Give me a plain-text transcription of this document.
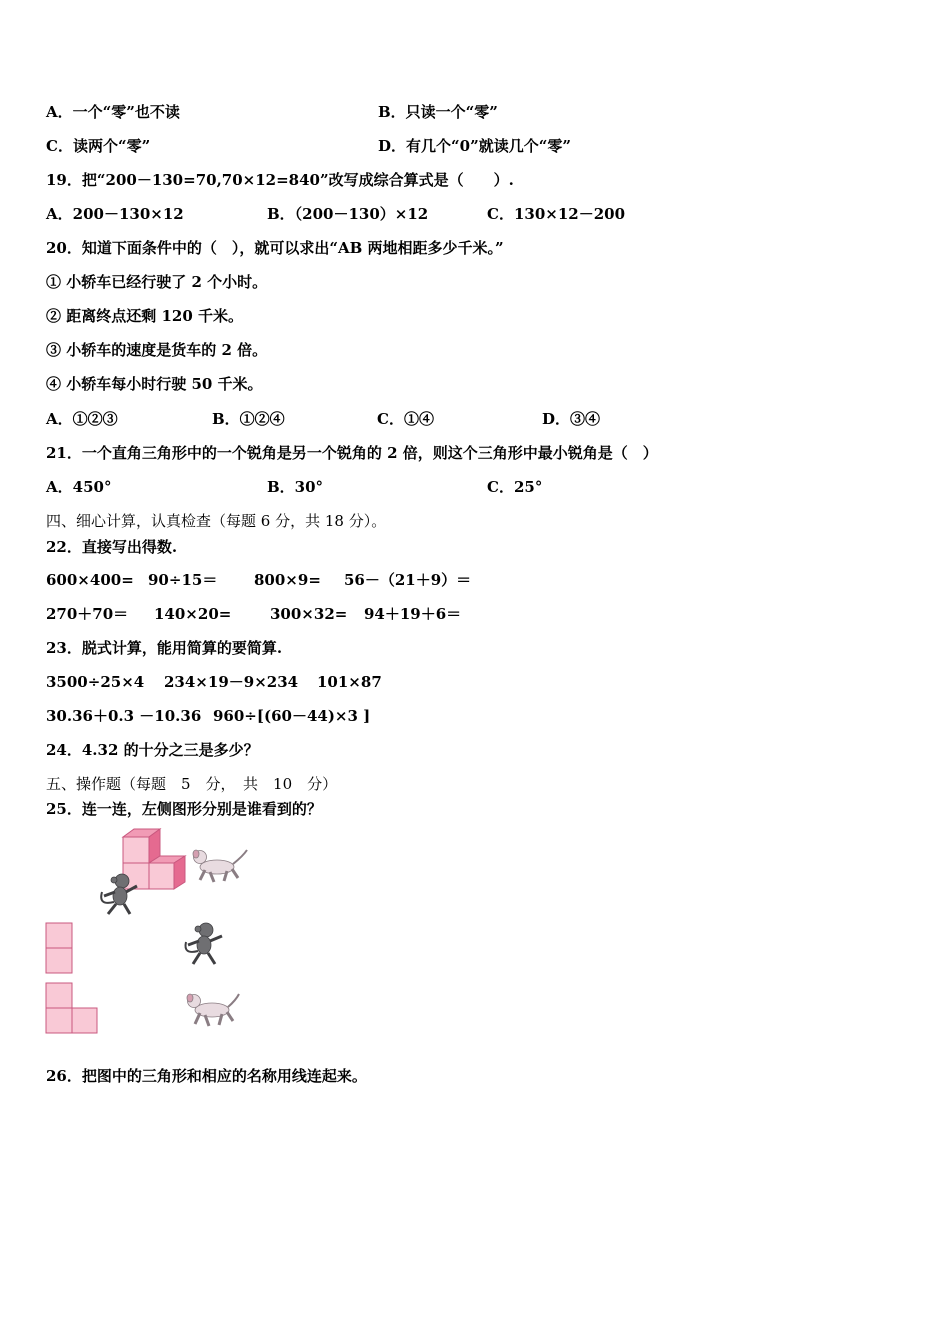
A．一个“零”也不读	B．只读一个“零”
C．读两个“零”	D．有几个“0”就读几个“零”
19．把“200－130=70,70×12=840”改写成综合算式是（　　）.
A．200－130×12	B．（200－130）×12	C．130×12－200
20．知道下面条件中的（　），就可以求出“AB 两地相距多少千米。”
① 小轿车已经行驶了 2 个小时。
② 距离终点还剩 120 千米。
③ 小轿车的速度是货车的 2 倍。
④ 小轿车每小时行驶 50 千米。
A．①②③	B．①②④	C．①④	D．③④
21．一个直角三角形中的一个锐角是另一个锐角的 2 倍，则这个三角形中最小锐角是（　）
A．450°	B．30°	C．25°
四、细心计算，认真检查（每题 6 分，共 18 分）。
22．直接写出得数.
600×400= 90÷15＝ 800×9= 56－（21＋9）＝
270＋70＝ 140×20=	300×32= 94＋19＋6＝
23．脱式计算，能用简算的要简算.
3500÷25×4 234×19－9×234 101×87
30.36＋0.3 －10.36 960÷[(60－44)×3 ]
24．4.32 的十分之三是多少？
五、操作题（每题　5　分，　共　10　分）
25．连一连，左侧图形分别是谁看到的？
26．把图中的三角形和相应的名称用线连起来。
